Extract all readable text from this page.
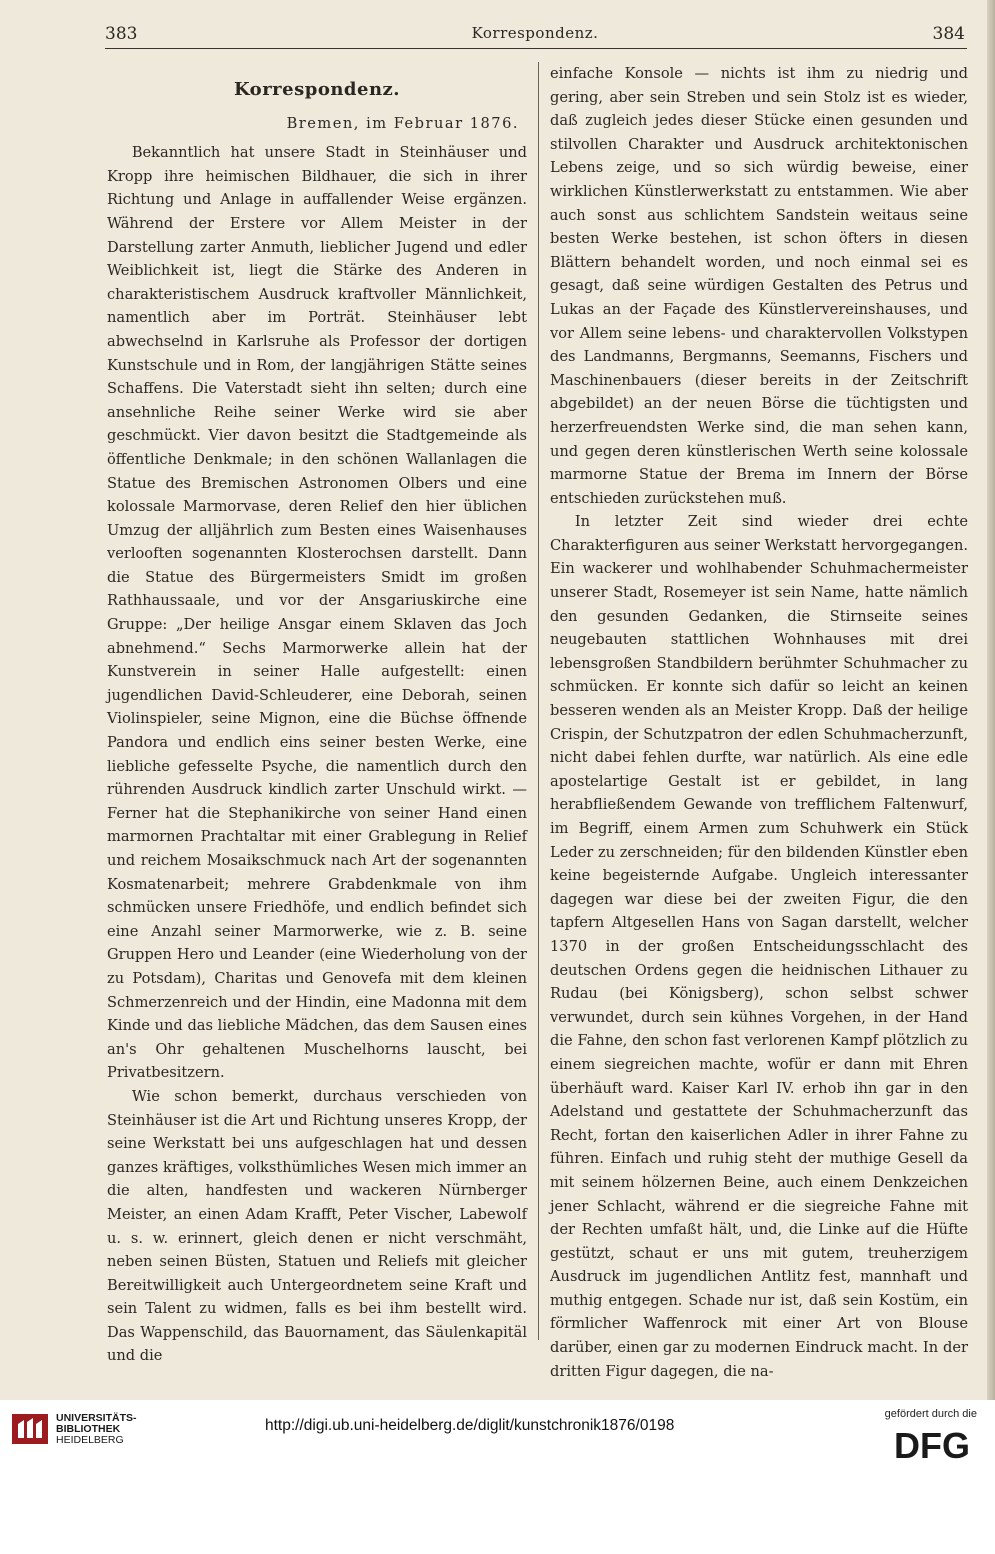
383	Korrespondenz.	384
Korrespondenz.
Bremen, im Februar 1876.

Bekanntlich hat unsere Stadt in Steinhäuser und Kropp ihre heimischen Bildhauer, die sich in ihrer Richtung und Anlage in auffallender Weise ergänzen. Während der Erstere vor Allem Meister in der Darstellung zarter Anmuth, lieblicher Jugend und edler Weiblichkeit ist, liegt die Stärke des Anderen in charakteristischem Ausdruck kraftvoller Männlichkeit, namentlich aber im Porträt. Steinhäuser lebt abwechselnd in Karlsruhe als Professor der dortigen Kunstschule und in Rom, der langjährigen Stätte seines Schaffens. Die Vaterstadt sieht ihn selten; durch eine ansehnliche Reihe seiner Werke wird sie aber geschmückt. Vier davon besitzt die Stadtgemeinde als öffentliche Denkmale; in den schönen Wallanlagen die Statue des Bremischen Astronomen Olbers und eine kolossale Marmorvase, deren Relief den hier üblichen Umzug der alljährlich zum Besten eines Waisenhauses verlooften sogenannten Klosterochsen darstellt. Dann die Statue des Bürgermeisters Smidt im großen Rathhaussaale, und vor der Ansgariuskirche eine Gruppe: „Der heilige Ansgar einem Sklaven das Joch abnehmend.“ Sechs Marmorwerke allein hat der Kunstverein in seiner Halle aufgestellt: einen jugendlichen David-Schleuderer, eine Deborah, seinen Violinspieler, seine Mignon, eine die Büchse öffnende Pandora und endlich eins seiner besten Werke, eine liebliche gefesselte Psyche, die namentlich durch den rührenden Ausdruck kindlich zarter Unschuld wirkt. — Ferner hat die Stephanikirche von seiner Hand einen marmornen Prachtaltar mit einer Grablegung in Relief und reichem Mosaikschmuck nach Art der sogenannten Kosmatenarbeit; mehrere Grabdenkmale von ihm schmücken unsere Friedhöfe, und endlich befindet sich eine Anzahl seiner Marmorwerke, wie z. B. seine Gruppen Hero und Leander (eine Wiederholung von der zu Potsdam), Charitas und Genovefa mit dem kleinen Schmerzenreich und der Hindin, eine Madonna mit dem Kinde und das liebliche Mädchen, das dem Sausen eines an's Ohr gehaltenen Muschelhorns lauscht, bei Privatbesitzern.

Wie schon bemerkt, durchaus verschieden von Steinhäuser ist die Art und Richtung unseres Kropp, der seine Werkstatt bei uns aufgeschlagen hat und dessen ganzes kräftiges, volksthümliches Wesen mich immer an die alten, handfesten und wackeren Nürnberger Meister, an einen Adam Krafft, Peter Vischer, Labewolf u. s. w. erinnert, gleich denen er nicht verschmäht, neben seinen Büsten, Statuen und Reliefs mit gleicher Bereitwilligkeit auch Untergeordnetem seine Kraft und sein Talent zu widmen, falls es bei ihm bestellt wird. Das Wappenschild, das Bauornament, das Säulenkapitäl und die

einfache Konsole — nichts ist ihm zu niedrig und gering, aber sein Streben und sein Stolz ist es wieder, daß zugleich jedes dieser Stücke einen gesunden und stilvollen Charakter und Ausdruck architektonischen Lebens zeige, und so sich würdig beweise, einer wirklichen Künstlerwerkstatt zu entstammen. Wie aber auch sonst aus schlichtem Sandstein weitaus seine besten Werke bestehen, ist schon öfters in diesen Blättern behandelt worden, und noch einmal sei es gesagt, daß seine würdigen Gestalten des Petrus und Lukas an der Façade des Künstlervereinshauses, und vor Allem seine lebens- und charaktervollen Volkstypen des Landmanns, Bergmanns, Seemanns, Fischers und Maschinenbauers (dieser bereits in der Zeitschrift abgebildet) an der neuen Börse die tüchtigsten und herzerfreuendsten Werke sind, die man sehen kann, und gegen deren künstlerischen Werth seine kolossale marmorne Statue der Brema im Innern der Börse entschieden zurückstehen muß.

In letzter Zeit sind wieder drei echte Charakterfiguren aus seiner Werkstatt hervorgegangen. Ein wackerer und wohlhabender Schuhmachermeister unserer Stadt, Rosemeyer ist sein Name, hatte nämlich den gesunden Gedanken, die Stirnseite seines neugebauten stattlichen Wohnhauses mit drei lebensgroßen Standbildern berühmter Schuhmacher zu schmücken. Er konnte sich dafür so leicht an keinen besseren wenden als an Meister Kropp. Daß der heilige Crispin, der Schutzpatron der edlen Schuhmacherzunft, nicht dabei fehlen durfte, war natürlich. Als eine edle apostelartige Gestalt ist er gebildet, in lang herabfließendem Gewande von trefflichem Faltenwurf, im Begriff, einem Armen zum Schuhwerk ein Stück Leder zu zerschneiden; für den bildenden Künstler eben keine begeisternde Aufgabe. Ungleich interessanter dagegen war diese bei der zweiten Figur, die den tapfern Altgesellen Hans von Sagan darstellt, welcher 1370 in der großen Entscheidungsschlacht des deutschen Ordens gegen die heidnischen Lithauer zu Rudau (bei Königsberg), schon selbst schwer verwundet, durch sein kühnes Vorgehen, in der Hand die Fahne, den schon fast verlorenen Kampf plötzlich zu einem siegreichen machte, wofür er dann mit Ehren überhäuft ward. Kaiser Karl IV. erhob ihn gar in den Adelstand und gestattete der Schuhmacherzunft das Recht, fortan den kaiserlichen Adler in ihrer Fahne zu führen. Einfach und ruhig steht der muthige Gesell da mit seinem hölzernen Beine, auch einem Denkzeichen jener Schlacht, während er die siegreiche Fahne mit der Rechten umfaßt hält, und, die Linke auf die Hüfte gestützt, schaut er uns mit gutem, treuherzigem Ausdruck im jugendlichen Antlitz fest, mannhaft und muthig entgegen. Schade nur ist, daß sein Kostüm, ein förmlicher Waffenrock mit einer Art von Blouse darüber, einen gar zu modernen Eindruck macht. In der dritten Figur dagegen, die na-

UNIVERSITÄTS-
BIBLIOTHEK
HEIDELBERG
http://digi.ub.uni-heidelberg.de/diglit/kunstchronik1876/0198
gefördert durch die
DFG
